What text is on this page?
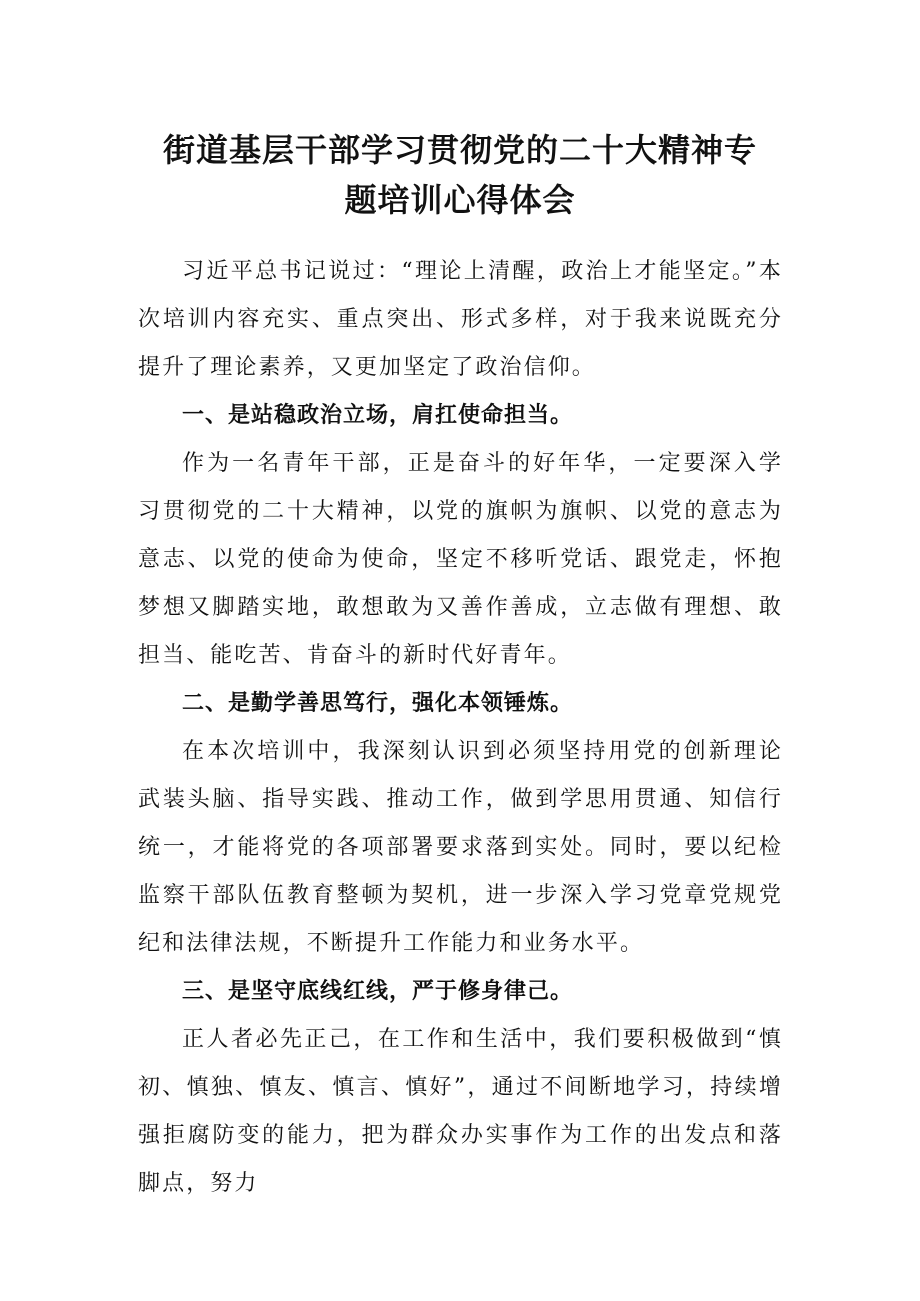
街道基层干部学习贯彻党的二十大精神专
题培训心得体会

习近平总书记说过：“理论上清醒，政治上才能坚定。”本次培训内容充实、重点突出、形式多样，对于我来说既充分提升了理论素养，又更加坚定了政治信仰。

一、是站稳政治立场，肩扛使命担当。

作为一名青年干部，正是奋斗的好年华，一定要深入学习贯彻党的二十大精神，以党的旗帜为旗帜、以党的意志为意志、以党的使命为使命，坚定不移听党话、跟党走，怀抱梦想又脚踏实地，敢想敢为又善作善成，立志做有理想、敢担当、能吃苦、肯奋斗的新时代好青年。

二、是勤学善思笃行，强化本领锤炼。

在本次培训中，我深刻认识到必须坚持用党的创新理论武装头脑、指导实践、推动工作，做到学思用贯通、知信行统一，才能将党的各项部署要求落到实处。同时，要以纪检监察干部队伍教育整顿为契机，进一步深入学习党章党规党纪和法律法规，不断提升工作能力和业务水平。

三、是坚守底线红线，严于修身律己。

正人者必先正己，在工作和生活中，我们要积极做到“慎初、慎独、慎友、慎言、慎好”，通过不间断地学习，持续增强拒腐防变的能力，把为群众办实事作为工作的出发点和落脚点，努力
